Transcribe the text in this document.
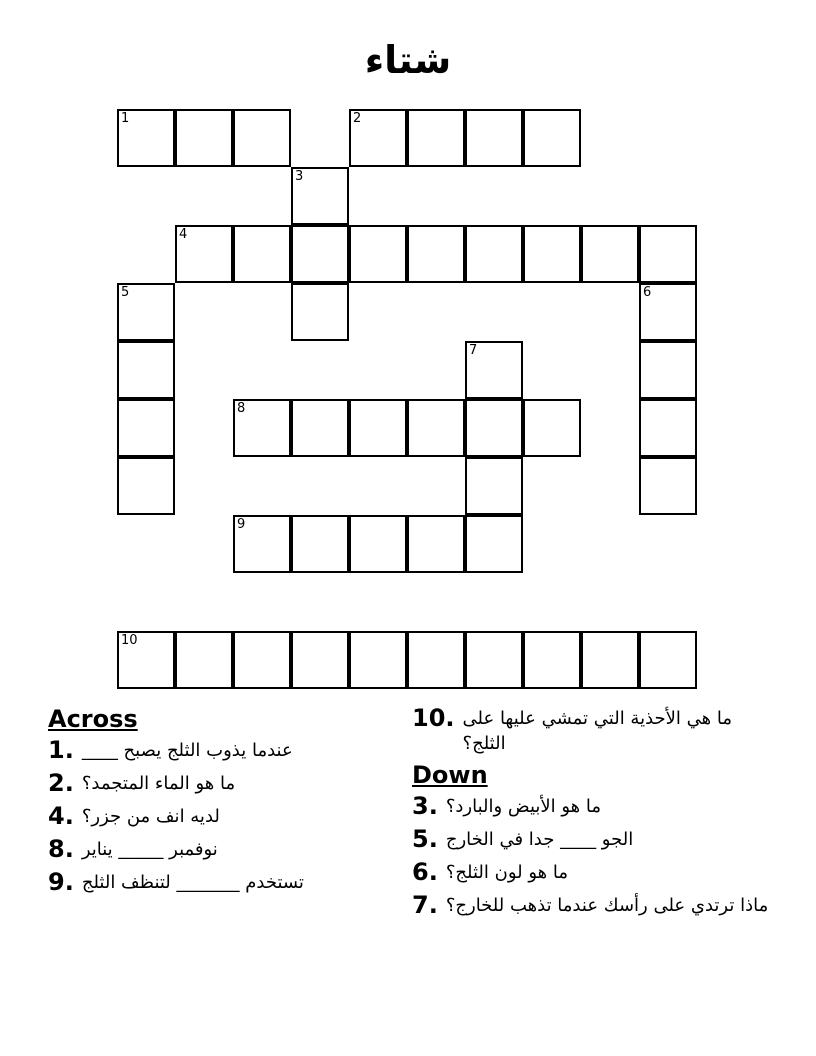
شتاء
1	2
3
4
5	6
7
8
9
10
Across
1. عندما يذوب الثلج يصبح ____
2. ما هو الماء المتجمد؟
4. لديه انف من جزر؟
8. نوفمبر _____ يناير
9. تستخدم _______ لتنظف الثلج
10. ما هي الأحذية التي تمشي عليها على الثلج؟
Down
3. ما هو الأبيض والبارد؟
5. الجو ____ جدا في الخارج
6. ما هو لون الثلج؟
7. ماذا ترتدي على رأسك عندما تذهب للخارج؟
